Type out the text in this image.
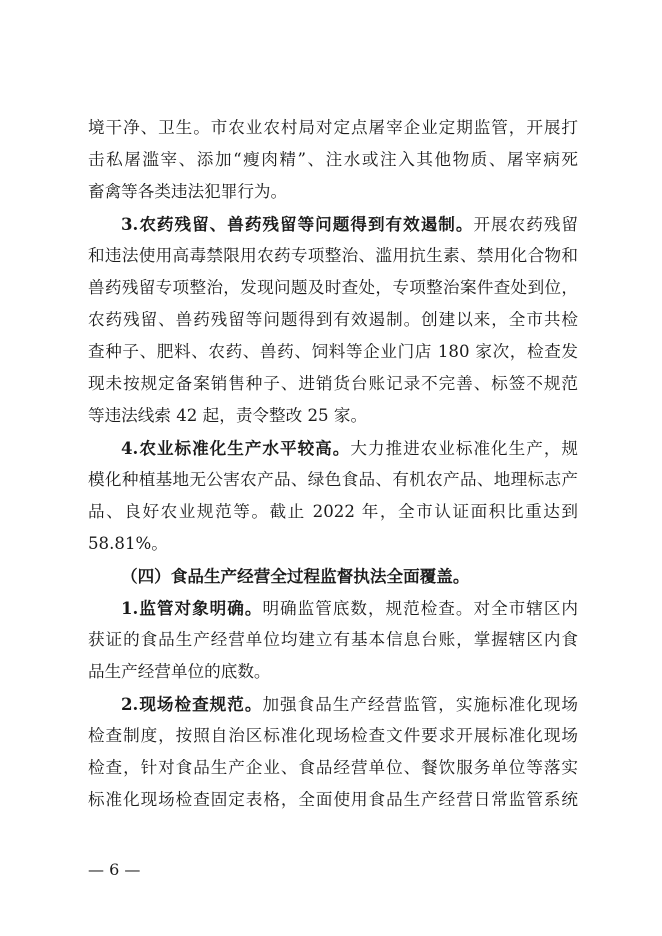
境干净、卫生。市农业农村局对定点屠宰企业定期监管，开展打
击私屠滥宰、添加“瘦肉精”、注水或注入其他物质、屠宰病死
畜禽等各类违法犯罪行为。
3.农药残留、兽药残留等问题得到有效遏制。开展农药残留
和违法使用高毒禁限用农药专项整治、滥用抗生素、禁用化合物和
兽药残留专项整治，发现问题及时查处，专项整治案件查处到位，
农药残留、兽药残留等问题得到有效遏制。创建以来，全市共检
查种子、肥料、农药、兽药、饲料等企业门店 180 家次，检查发
现未按规定备案销售种子、进销货台账记录不完善、标签不规范
等违法线索 42 起，责令整改 25 家。
4.农业标准化生产水平较高。大力推进农业标准化生产，规
模化种植基地无公害农产品、绿色食品、有机农产品、地理标志产
品、良好农业规范等。截止 2022 年，全市认证面积比重达到
58.81%。
（四）食品生产经营全过程监督执法全面覆盖。
1.监管对象明确。明确监管底数，规范检查。对全市辖区内
获证的食品生产经营单位均建立有基本信息台账，掌握辖区内食
品生产经营单位的底数。
2.现场检查规范。加强食品生产经营监管，实施标准化现场
检查制度，按照自治区标准化现场检查文件要求开展标准化现场
检查，针对食品生产企业、食品经营单位、餐饮服务单位等落实
标准化现场检查固定表格，全面使用食品生产经营日常监管系统
— 6 —
